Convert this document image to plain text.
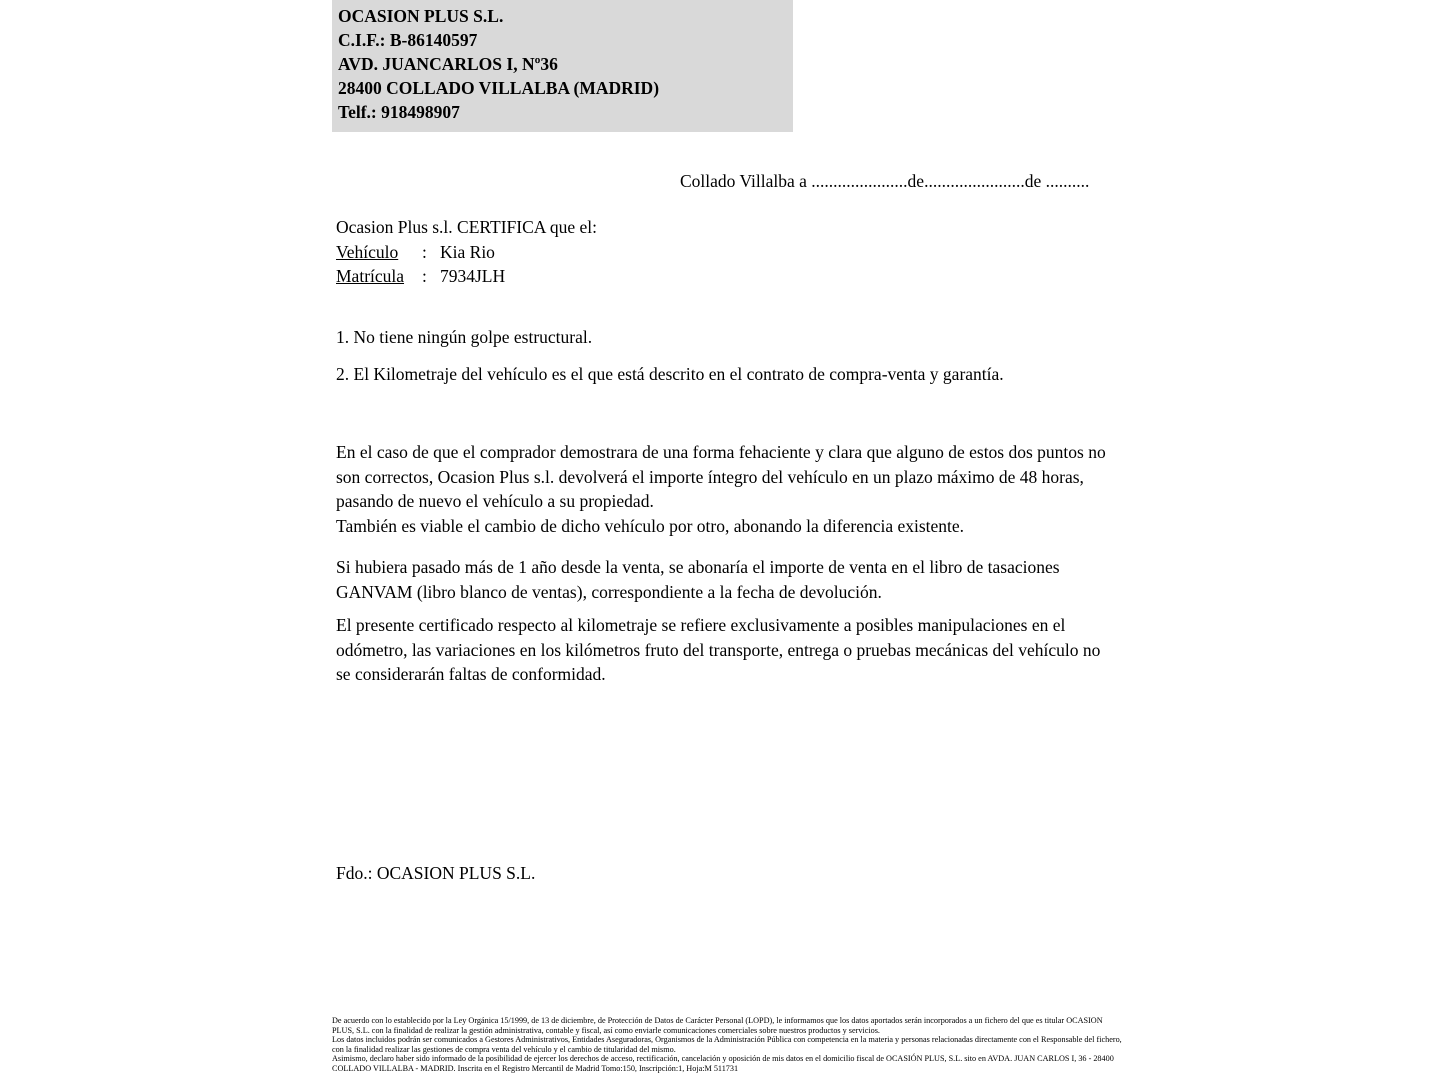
OCASION PLUS S.L.
C.I.F.: B-86140597
AVD. JUANCARLOS I, Nº36
28400 COLLADO VILLALBA (MADRID)
Telf.: 918498907
Collado Villalba a ......................de.......................de ..........
Ocasion Plus s.l. CERTIFICA que el:
Vehículo : Kia Rio
Matrícula : 7934JLH
1. No tiene ningún golpe estructural.
2. El Kilometraje del vehículo es el que está descrito en el contrato de compra-venta y garantía.
En el caso de que el comprador demostrara de una forma fehaciente y clara que alguno de estos dos puntos no son correctos, Ocasion Plus s.l. devolverá el importe íntegro del vehículo en un plazo máximo de 48 horas, pasando de nuevo el vehículo a su propiedad.
También es viable el cambio de dicho vehículo por otro, abonando la diferencia existente.
Si hubiera pasado más de 1 año desde la venta, se abonaría el importe de venta en el libro de tasaciones GANVAM (libro blanco de ventas), correspondiente a la fecha de devolución.
El presente certificado respecto al kilometraje se refiere exclusivamente a posibles manipulaciones en el odómetro, las variaciones en los kilómetros fruto del transporte, entrega o pruebas mecánicas del vehículo no se considerarán faltas de conformidad.
Fdo.: OCASION PLUS S.L.

De acuerdo con lo establecido por la Ley Orgánica 15/1999, de 13 de diciembre, de Protección de Datos de Carácter Personal (LOPD), le informamos que los datos aportados serán incorporados a un fichero del que es titular OCASION PLUS, S.L. con la finalidad de realizar la gestión administrativa, contable y fiscal, así como enviarle comunicaciones comerciales sobre nuestros productos y servicios.

Los datos incluidos podrán ser comunicados a Gestores Administrativos, Entidades Aseguradoras, Organismos de la Administración Pública con competencia en la materia y personas relacionadas directamente con el Responsable del fichero, con la finalidad realizar las gestiones de compra venta del vehículo y el cambio de titularidad del mismo.

Asimismo, declaro haber sido informado de la posibilidad de ejercer los derechos de acceso, rectificación, cancelación y oposición de mis datos en el domicilio fiscal de OCASIÓN PLUS, S.L. sito en AVDA. JUAN CARLOS I, 36 - 28400 COLLADO VILLALBA - MADRID. Inscrita en el Registro Mercantil de Madrid Tomo:150, Inscripción:1, Hoja:M 511731
